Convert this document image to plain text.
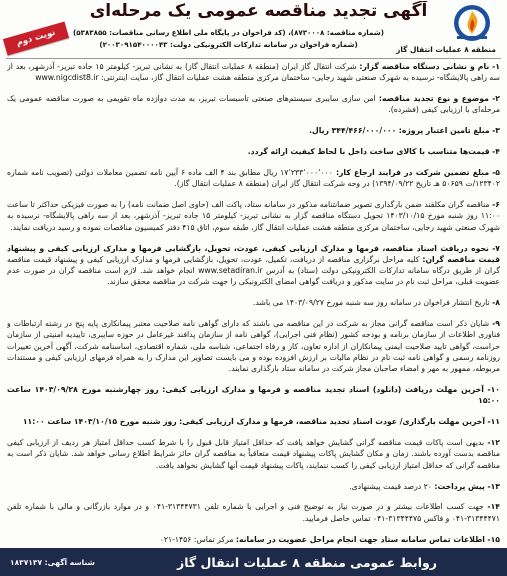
منطقه ۸ عملیات انتقال گاز
آگهی تجدید مناقصه عمومی یک مرحله‌ای
(شماره مناقصه: ۸۷۳۰۰۰۸)، (کد فراخوان در پایگاه ملی اطلاع رسانی مناقصات: ۵۳۸۳۸۵۵)
(شماره فراخوان در سامانه تدارکات الکترونیکی دولت: ۲۰۰۳۰۹۱۵۴۰۰۰۰۴۳)
نوبت دوم

۱- نام و نشانی دستگاه مناقصه گزار: شرکت انتقال گاز ایران (منطقه ۸ عملیات انتقال گاز) به نشانی تبریز- کیلومتر ۱۵ جاده تبریز- آذرشهر، بعد از سه راهی پالایشگاه- نرسیده به شهرک صنعتی شهید رجایی- ساختمان مرکزی منطقه هشت عملیات انتقال گاز، سایت اینترنتی: www.nigcdist8.ir

۲- موضوع و نوع تجدید مناقصه: امن سازی سایبری سیستم‌های صنعتی تاسیسات تبریز، به مدت دوازده ماه تقویمی به صورت مناقصه عمومی یک مرحله‌ای با ارزیابی کیفی (فشرده).

۳- مبلغ تامین اعتبار پروژه: ۳۴۴/۴۶۶/۰۰۰/۰۰۰ ریال.

۴- قیمت‌ها متناسب با کالای ساخت داخل با لحاظ کیفیت ارائه گردد.

۵- مبلغ تضمین شرکت در فرایند ارجاع کار: ۱۷٬۲۳۳٬۰۰۰٬۰۰۰ ریال مطابق بند ۴ الف ماده ۶ آیین نامه تضمین معاملات دولتی (تصویب نامه شماره ۱۲۳۴۰۲/ت ۵۰۶۵۹ هـ تاریخ ۱۳۹۴/۰۹/۲۲) در وجه شرکت انتقال گاز ایران (منطقه ۸ عملیات انتقال گاز).

۶- مناقصه گران مکلفند ضمن بارگذاری تصویر ضمانتنامه مذکور در سامانه ستاد، پاکت الف (حاوی اصل ضمانت نامه) را به صورت فیزیکی حداکثر تا ساعت ۱۱:۰۰ روز شنبه مورخ ۱۴۰۳/۱۰/۱۵ تحویل دستگاه مناقصه گزار به نشانی تبریز- کیلومتر ۱۵ جاده تبریز- آذرشهر، بعد از سه راهی پالایشگاه- نرسیده به شهرک صنعتی شهید رجایی، ساختمان مرکزی منطقه هشت عملیات انتقال گاز، طبقه سوم، اتاق ۴۱۵ دفتر کمیسیون مناقصات نموده و رسید دریافت نمایند.

۷- نحوه دریافت اسناد مناقصه، فرمها و مدارک ارزیابی کیفی، عودت، تحویل، بازگشایی فرمها و مدارک ارزیابی کیفی و پیشنهاد قیمت مناقصه گران: کلیه مراحل برگزاری مناقصه از دریافت، تکمیل، عودت، تحویل، بازگشایی فرمها و مدارک ارزیابی کیفی و پیشنهاد قیمت مناقصه گران از طریق درگاه سامانه تدارکات الکترونیکی دولت (ستاد) به آدرس www.setadiran.ir انجام خواهد شد. لازم است مناقصه گران در صورت عدم عضویت قبلی، مراحل ثبت نام در سایت مذکور و دریافت گواهی امضای الکترونیکی را جهت شرکت در مناقصه محقق سازند.

۸- تاریخ انتشار فراخوان در سامانه روز سه شنبه مورخ ۱۴۰۳/۰۹/۲۷ می باشد.

۹- شایان ذکر است مناقصه گرانی مجاز به شرکت در این مناقصه می باشند که دارای گواهی نامه صلاحیت معتبر پیمانکاری پایه پنج در رشته ارتباطات و فناوری اطلاعات از سازمان برنامه و بودجه کشور (نظام فنی اجرایی)، گواهی نامه از سازمان پدافند غیرعامل در حوزه سایبری، تاییدیه امنیتی از سازمان حراست، گواهی تایید صلاحیت ایمنی پیمانکاران از اداره تعاون، کار و رفاه اجتماعی، شناسه ملی، شماره اقتصادی، اساسنامه شرکت، آگهی آخرین تغییرات روزنامه رسمی و گواهی نامه ثبت نام در نظام مالیات بر ارزش افزوده بوده و می بایست تصاویر این مدارک را به همراه فرمهای ارزیابی کیفی و مستندات مربوطه، ممهور به مهر و امضاء صاحبان مجاز شرکت در سامانه ستاد بارگذاری نمایند.

۱۰- آخرین مهلت دریافت (دانلود) اسناد تجدید مناقصه و فرمها و مدارک ارزیابی کیفی: روز چهارشنبه مورخ ۱۴۰۳/۰۹/۲۸ ساعت ۱۵:۰۰

۱۱- آخرین مهلت بارگذاری/ عودت اسناد تجدید مناقصه، فرمها و مدارک ارزیابی کیفی: روز شنبه مورخ ۱۴۰۳/۱۰/۱۵ ساعت ۱۱:۰۰

۱۲- بدیهی است پاکات قیمت مناقصه گرانی گشایش خواهد یافت که حداقل امتیاز قابل قبول را با شرط کسب حداقل امتیاز هر ردیف از ارزیابی کیفی مناقصه بدست آورده باشند. زمان و مکان گشایش پاکات پیشنهاد قیمت متعاقباً به مناقصه گران حائز شرایط اطلاع رسانی خواهد شد. شایان ذکر است به مناقصه گرانی که حداقل امتیاز ارزیابی کیفی را کسب ننمایند، پاکات پیشنهاد قیمت آنها گشایش نخواهد یافت.

۱۳- پیش پرداخت: ۲۰ درصد قیمت پیشنهادی.

۱۴- جهت کسب اطلاعات بیشتر و در صورت نیاز به توضیح فنی و اجرایی با شماره تلفن ۳۱۳۴۴۷۳۱-۰۴۱ و در موارد بازرگانی و مالی با شماره تلفن ۳۱۳۴۴۴۷۱-۰۴۱ و فاکس ۳۱۳۴۴۴۷۵-۰۴۱ تماس حاصل فرمایید.

۱۵- اطلاعات تماس سامانه ستاد جهت انجام مراحل عضویت در سامانه: مرکز تماس: ۱۴۵۶-۰۲۱

روابط عمومی منطقه ۸ عملیات انتقال گاز
شناسه آگهی: ۱۸۳۷۱۳۷
